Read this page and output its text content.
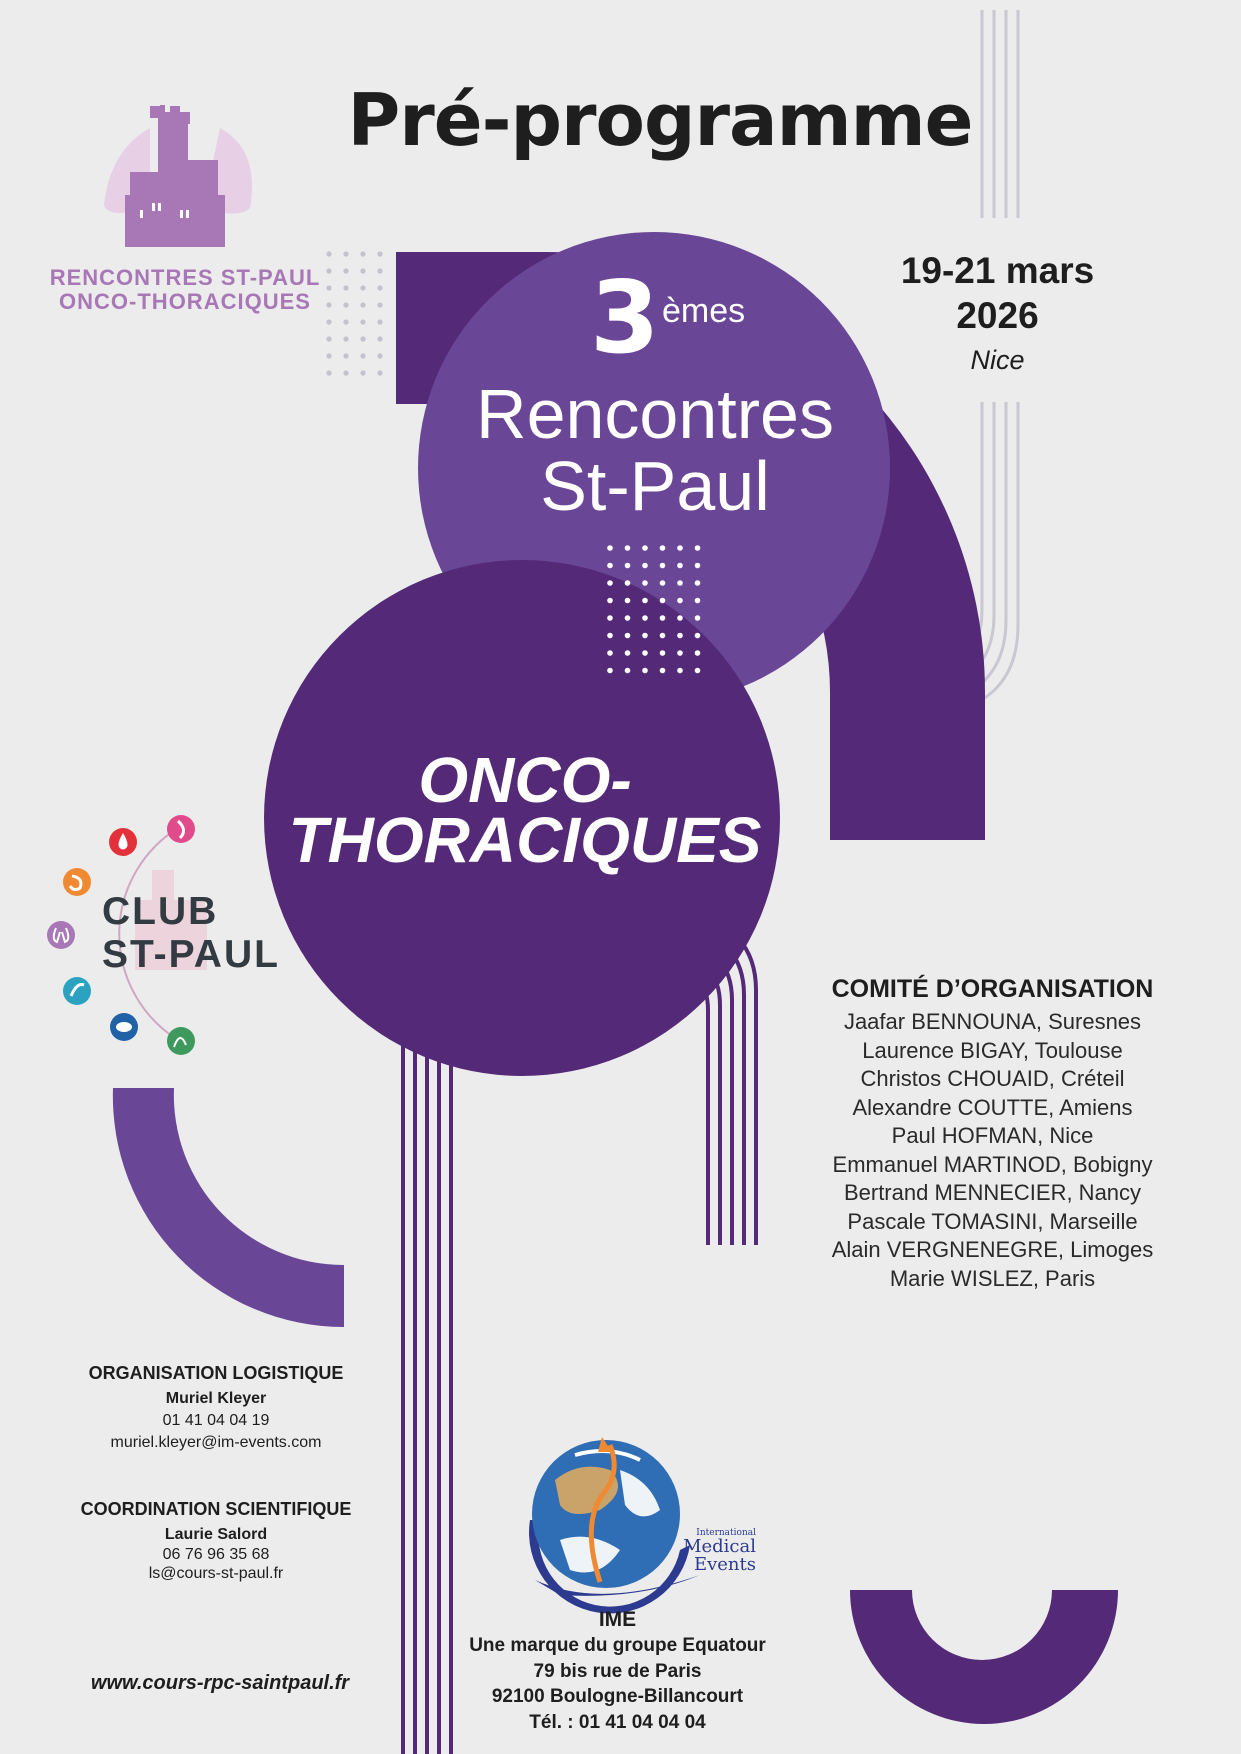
Pré-programme
RENCONTRES ST-PAUL
ONCO-THORACIQUES
19-21 mars
2026
Nice
3 èmes
Rencontres
St-Paul
ONCO-
THORACIQUES
CLUB
ST-PAUL
COMITÉ D’ORGANISATION
Jaafar BENNOUNA, Suresnes
Laurence BIGAY, Toulouse
Christos CHOUAID, Créteil
Alexandre COUTTE, Amiens
Paul HOFMAN, Nice
Emmanuel MARTINOD, Bobigny
Bertrand MENNECIER, Nancy
Pascale TOMASINI, Marseille
Alain VERGNENEGRE, Limoges
Marie WISLEZ, Paris
ORGANISATION LOGISTIQUE
Muriel Kleyer
01 41 04 04 19
muriel.kleyer@im-events.com
COORDINATION SCIENTIFIQUE
Laurie Salord
06 76 96 35 68
ls@cours-st-paul.fr
www.cours-rpc-saintpaul.fr
International
Medical
Events
IME
Une marque du groupe Equatour
79 bis rue de Paris
92100 Boulogne-Billancourt
Tél. : 01 41 04 04 04
